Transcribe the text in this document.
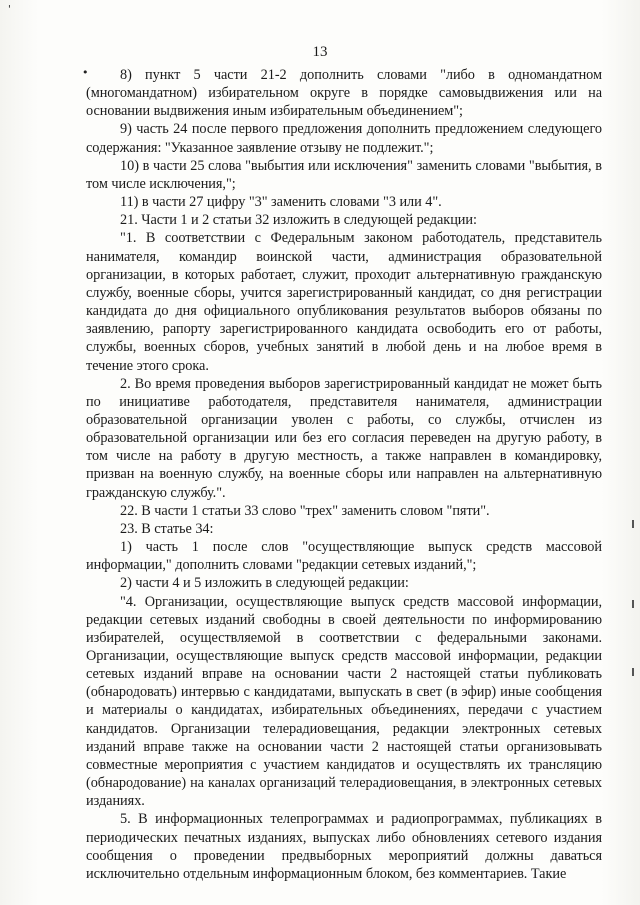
'
•
13

8) пункт 5 части 21-2 дополнить словами "либо в одномандатном (многомандатном) избирательном округе в порядке самовыдвижения или на основании выдвижения иным избирательным объединением";

9) часть 24 после первого предложения дополнить предложением следующего содержания: "Указанное заявление отзыву не подлежит.";

10) в части 25 слова "выбытия или исключения" заменить словами "выбытия, в том числе исключения,";

11) в части 27 цифру "3" заменить словами "3 или 4".

21. Части 1 и 2 статьи 32 изложить в следующей редакции:

"1. В соответствии с Федеральным законом работодатель, представитель нанимателя, командир воинской части, администрация образовательной организации, в которых работает, служит, проходит альтернативную гражданскую службу, военные сборы, учится зарегистрированный кандидат, со дня регистрации кандидата до дня официального опубликования результатов выборов обязаны по заявлению, рапорту зарегистрированного кандидата освободить его от работы, службы, военных сборов, учебных занятий в любой день и на любое время в течение этого срока.

2. Во время проведения выборов зарегистрированный кандидат не может быть по инициативе работодателя, представителя нанимателя, администрации образовательной организации уволен с работы, со службы, отчислен из образовательной организации или без его согласия переведен на другую работу, в том числе на работу в другую местность, а также направлен в командировку, призван на военную службу, на военные сборы или направлен на альтернативную гражданскую службу.".

22. В части 1 статьи 33 слово "трех" заменить словом "пяти".

23. В статье 34:

1) часть 1 после слов "осуществляющие выпуск средств массовой информации," дополнить словами "редакции сетевых изданий,";

2) части 4 и 5 изложить в следующей редакции:

"4. Организации, осуществляющие выпуск средств массовой информации, редакции сетевых изданий свободны в своей деятельности по информированию избирателей, осуществляемой в соответствии с федеральными законами. Организации, осуществляющие выпуск средств массовой информации, редакции сетевых изданий вправе на основании части 2 настоящей статьи публиковать (обнародовать) интервью с кандидатами, выпускать в свет (в эфир) иные сообщения и материалы о кандидатах, избирательных объединениях, передачи с участием кандидатов. Организации телерадиовещания, редакции электронных сетевых изданий вправе также на основании части 2 настоящей статьи организовывать совместные мероприятия с участием кандидатов и осуществлять их трансляцию (обнародование) на каналах организаций телерадиовещания, в электронных сетевых изданиях.

5. В информационных телепрограммах и радиопрограммах, публикациях в периодических печатных изданиях, выпусках либо обновлениях сетевого издания сообщения о проведении предвыборных мероприятий должны даваться исключительно отдельным информационным блоком, без комментариев. Такие
